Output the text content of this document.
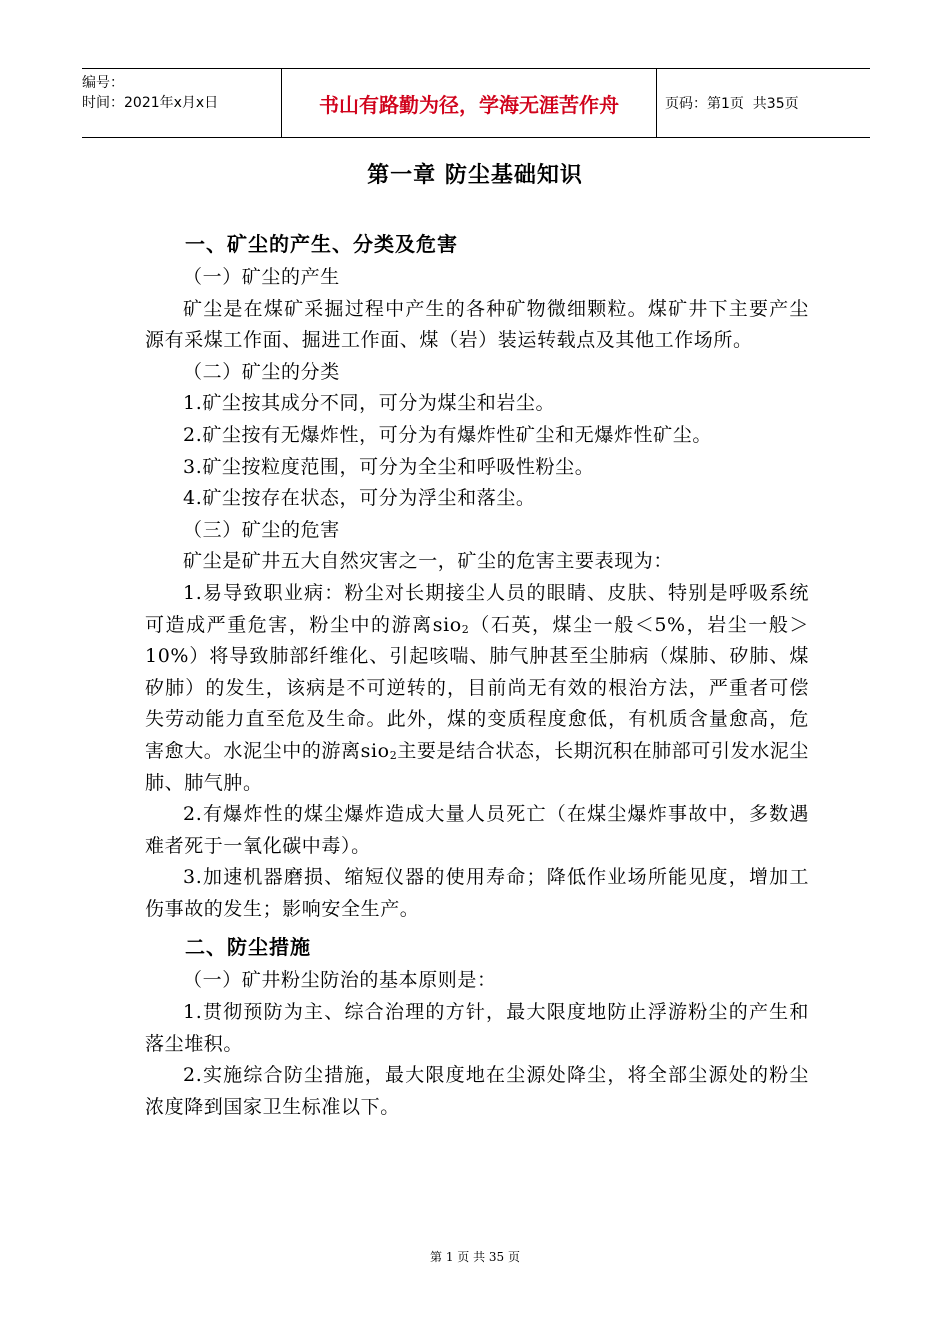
编号：
时间：2021年x月x日	书山有路勤为径，学海无涯苦作舟	页码：第1页  共35页
第一章 防尘基础知识

一、矿尘的产生、分类及危害

（一）矿尘的产生

矿尘是在煤矿采掘过程中产生的各种矿物微细颗粒。煤矿井下主要产尘源有采煤工作面、掘进工作面、煤（岩）装运转载点及其他工作场所。

（二）矿尘的分类

1.矿尘按其成分不同，可分为煤尘和岩尘。

2.矿尘按有无爆炸性，可分为有爆炸性矿尘和无爆炸性矿尘。

3.矿尘按粒度范围，可分为全尘和呼吸性粉尘。

4.矿尘按存在状态，可分为浮尘和落尘。

（三）矿尘的危害

矿尘是矿井五大自然灾害之一，矿尘的危害主要表现为：

1.易导致职业病：粉尘对长期接尘人员的眼睛、皮肤、特别是呼吸系统可造成严重危害，粉尘中的游离sio$_2$（石英，煤尘一般＜5%，岩尘一般＞10%）将导致肺部纤维化、引起咳喘、肺气肿甚至尘肺病（煤肺、矽肺、煤矽肺）的发生，该病是不可逆转的，目前尚无有效的根治方法，严重者可偿失劳动能力直至危及生命。此外，煤的变质程度愈低，有机质含量愈高，危害愈大。水泥尘中的游离sio$_2$主要是结合状态，长期沉积在肺部可引发水泥尘肺、肺气肿。

2.有爆炸性的煤尘爆炸造成大量人员死亡（在煤尘爆炸事故中，多数遇难者死于一氧化碳中毒）。

3.加速机器磨损、缩短仪器的使用寿命；降低作业场所能见度，增加工伤事故的发生；影响安全生产。

二、防尘措施

（一）矿井粉尘防治的基本原则是：

1.贯彻预防为主、综合治理的方针，最大限度地防止浮游粉尘的产生和落尘堆积。

2.实施综合防尘措施，最大限度地在尘源处降尘，将全部尘源处的粉尘浓度降到国家卫生标准以下。

第 1 页 共 35 页
